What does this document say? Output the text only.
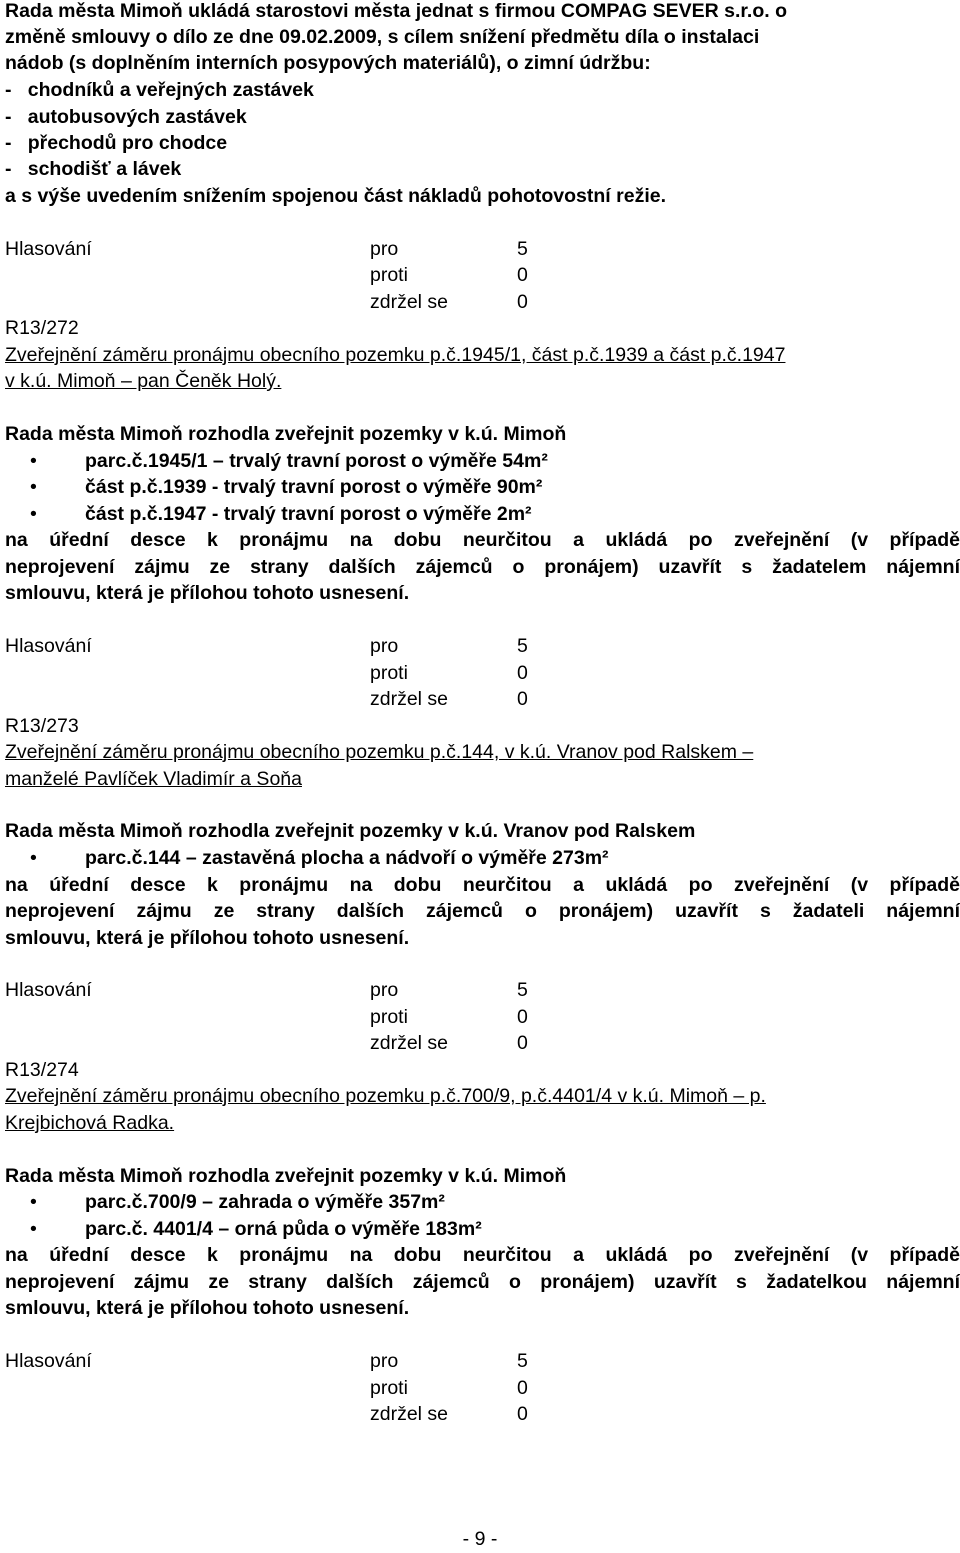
Rada města Mimoň ukládá starostovi města jednat s firmou COMPAG SEVER s.r.o. o
změně smlouvy o dílo ze dne 09.02.2009, s cílem snížení předmětu díla o instalaci
nádob (s doplněním interních posypových materiálů), o zimní údržbu:
-   chodníků a veřejných zastávek
-   autobusových zastávek
-   přechodů pro chodce
-   schodišť a lávek
a s výše uvedením snížením spojenou část nákladů pohotovostní režie.
Hlasování	pro	5
proti	0
zdržel se	0
R13/272
Zveřejnění záměru pronájmu obecního pozemku p.č.1945/1, část p.č.1939 a část p.č.1947
v k.ú. Mimoň – pan Čeněk Holý.
Rada města Mimoň rozhodla zveřejnit pozemky v k.ú. Mimoň
• parc.č.1945/1 – trvalý travní porost o výměře 54m²
• část p.č.1939 - trvalý travní porost o výměře 90m²
• část p.č.1947 - trvalý travní porost o výměře 2m²
na úřední desce k pronájmu na dobu neurčitou a ukládá po zveřejnění (v případě
neprojevení zájmu ze strany dalších zájemců o pronájem) uzavřít s žadatelem nájemní
smlouvu, která je přílohou tohoto usnesení.
Hlasování	pro	5
proti	0
zdržel se	0
R13/273
Zveřejnění záměru pronájmu obecního pozemku p.č.144, v k.ú. Vranov pod Ralskem –
manželé Pavlíček Vladimír a Soňa
Rada města Mimoň rozhodla zveřejnit pozemky v k.ú. Vranov pod Ralskem
• parc.č.144 – zastavěná plocha a nádvoří o výměře 273m²
na úřední desce k pronájmu na dobu neurčitou a ukládá po zveřejnění (v případě
neprojevení zájmu ze strany dalších zájemců o pronájem) uzavřít s žadateli nájemní
smlouvu, která je přílohou tohoto usnesení.
Hlasování	pro	5
proti	0
zdržel se	0
R13/274
Zveřejnění záměru pronájmu obecního pozemku p.č.700/9, p.č.4401/4 v k.ú. Mimoň – p.
Krejbichová Radka.
Rada města Mimoň rozhodla zveřejnit pozemky v k.ú. Mimoň
• parc.č.700/9 – zahrada o výměře 357m²
• parc.č. 4401/4 – orná půda o výměře 183m²
na úřední desce k pronájmu na dobu neurčitou a ukládá po zveřejnění (v případě
neprojevení zájmu ze strany dalších zájemců o pronájem) uzavřít s žadatelkou nájemní
smlouvu, která je přílohou tohoto usnesení.
Hlasování	pro	5
proti	0
zdržel se	0
- 9 -
